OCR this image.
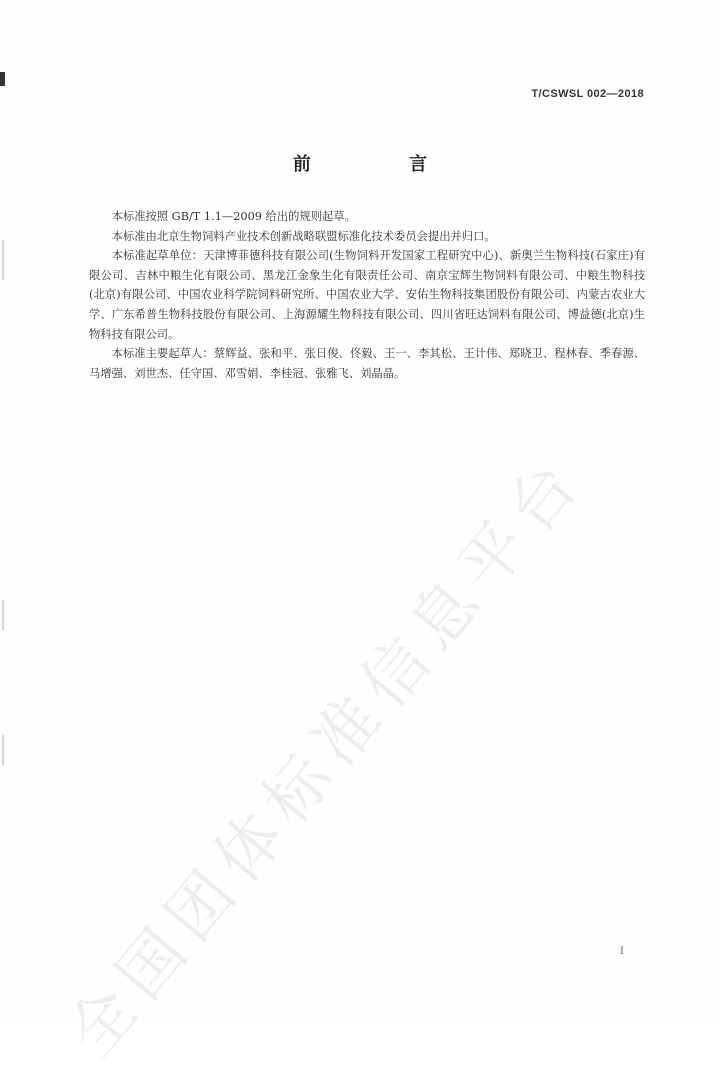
全国团体标准信息平台
T/CSWSL 002—2018
前 言

本标准按照 GB/T 1.1—2009 给出的规则起草。

本标准由北京生物饲料产业技术创新战略联盟标准化技术委员会提出并归口。

本标准起草单位：天津博菲德科技有限公司(生物饲料开发国家工程研究中心)、新奥兰生物科技(石家庄)有限公司、吉林中粮生化有限公司、黑龙江金象生化有限责任公司、南京宝辉生物饲料有限公司、中粮生物科技(北京)有限公司、中国农业科学院饲料研究所、中国农业大学、安佑生物科技集团股份有限公司、内蒙古农业大学、广东希普生物科技股份有限公司、上海源耀生物科技有限公司、四川省旺达饲料有限公司、博益德(北京)生物科技有限公司。

本标准主要起草人：蔡辉益、张和平、张日俊、佟毅、王一、李其松、王计伟、郑晓卫、程林春、季春源、马增强、刘世杰、任守国、邓雪娟、李桂冠、张雅飞、刘晶晶。

I
